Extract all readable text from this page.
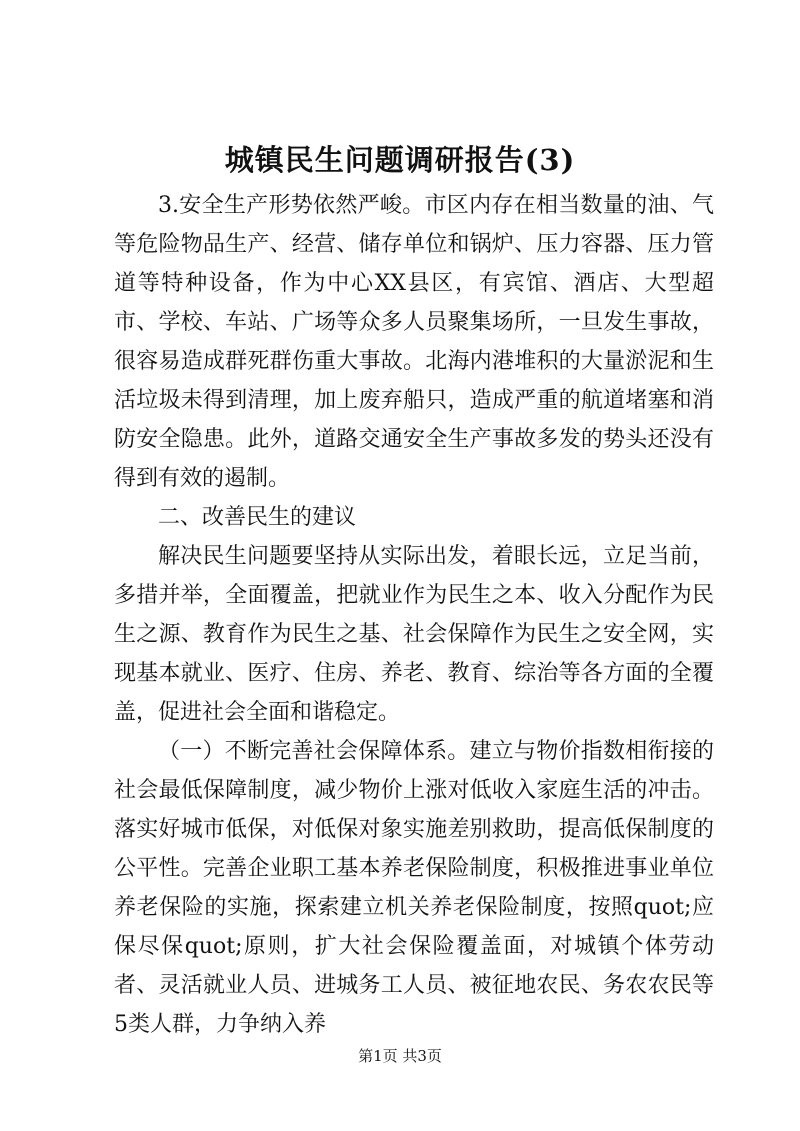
城镇民生问题调研报告(3)

3.安全生产形势依然严峻。市区内存在相当数量的油、气等危险物品生产、经营、储存单位和锅炉、压力容器、压力管道等特种设备，作为中心XX县区，有宾馆、酒店、大型超市、学校、车站、广场等众多人员聚集场所，一旦发生事故，很容易造成群死群伤重大事故。北海内港堆积的大量淤泥和生活垃圾未得到清理，加上废弃船只，造成严重的航道堵塞和消防安全隐患。此外，道路交通安全生产事故多发的势头还没有得到有效的遏制。

二、改善民生的建议

解决民生问题要坚持从实际出发，着眼长远，立足当前，多措并举，全面覆盖，把就业作为民生之本、收入分配作为民生之源、教育作为民生之基、社会保障作为民生之安全网，实现基本就业、医疗、住房、养老、教育、综治等各方面的全覆盖，促进社会全面和谐稳定。

（一）不断完善社会保障体系。建立与物价指数相衔接的社会最低保障制度，减少物价上涨对低收入家庭生活的冲击。落实好城市低保，对低保对象实施差别救助，提高低保制度的公平性。完善企业职工基本养老保险制度，积极推进事业单位养老保险的实施，探索建立机关养老保险制度，按照quot;应保尽保quot;原则，扩大社会保险覆盖面，对城镇个体劳动者、灵活就业人员、进城务工人员、被征地农民、务农农民等5类人群，力争纳入养

第1页 共3页
